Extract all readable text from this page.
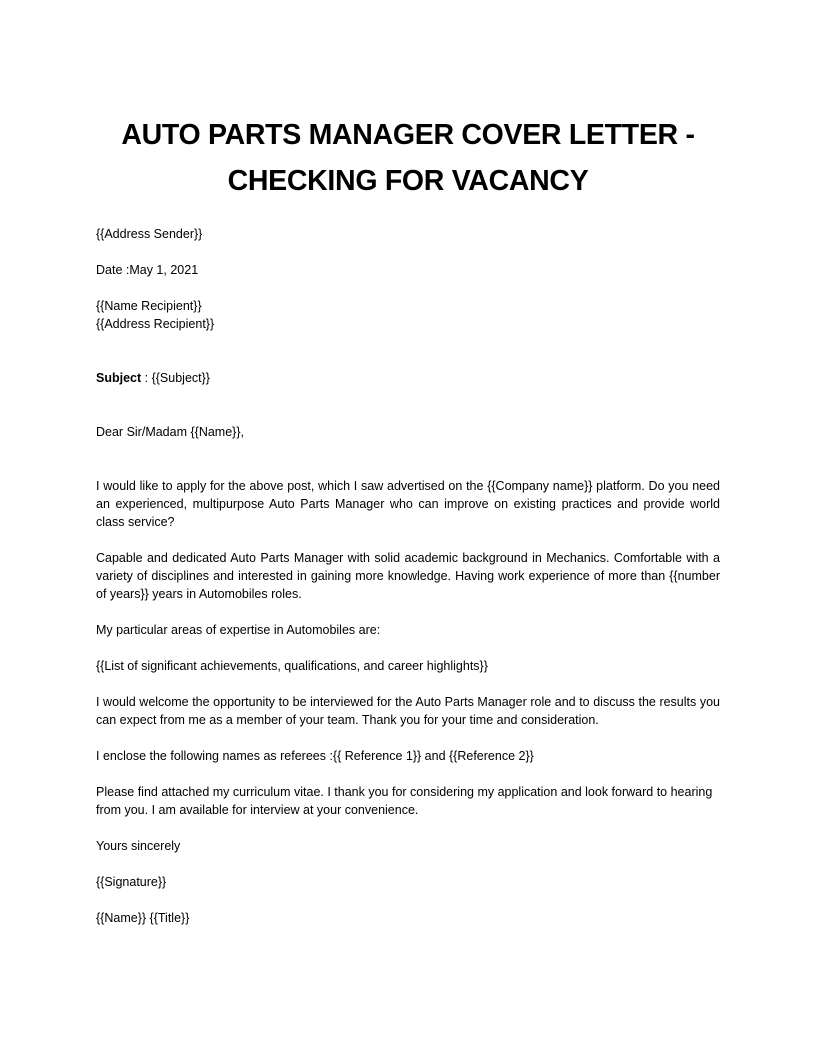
AUTO PARTS MANAGER COVER LETTER -
CHECKING FOR VACANCY

{{Address Sender}}

Date :May 1, 2021

{{Name Recipient}}

{{Address Recipient}}

Subject : {{Subject}}

Dear Sir/Madam {{Name}},

I would like to apply for the above post, which I saw advertised on the {{Company name}} platform. Do you need an experienced, multipurpose Auto Parts Manager who can improve on existing practices and provide world class service?

Capable and dedicated Auto Parts Manager with solid academic background in Mechanics. Comfortable with a variety of disciplines and interested in gaining more knowledge. Having work experience of more than {{number of years}} years in Automobiles roles.

My particular areas of expertise in Automobiles are:

{{List of significant achievements, qualifications, and career highlights}}

I would welcome the opportunity to be interviewed for the Auto Parts Manager role and to discuss the results you can expect from me as a member of your team. Thank you for your time and consideration.

I enclose the following names as referees :{{ Reference 1}} and {{Reference 2}}

Please find attached my curriculum vitae. I thank you for considering my application and look forward to hearing from you. I am available for interview at your convenience.

Yours sincerely

{{Signature}}

{{Name}} {{Title}}
